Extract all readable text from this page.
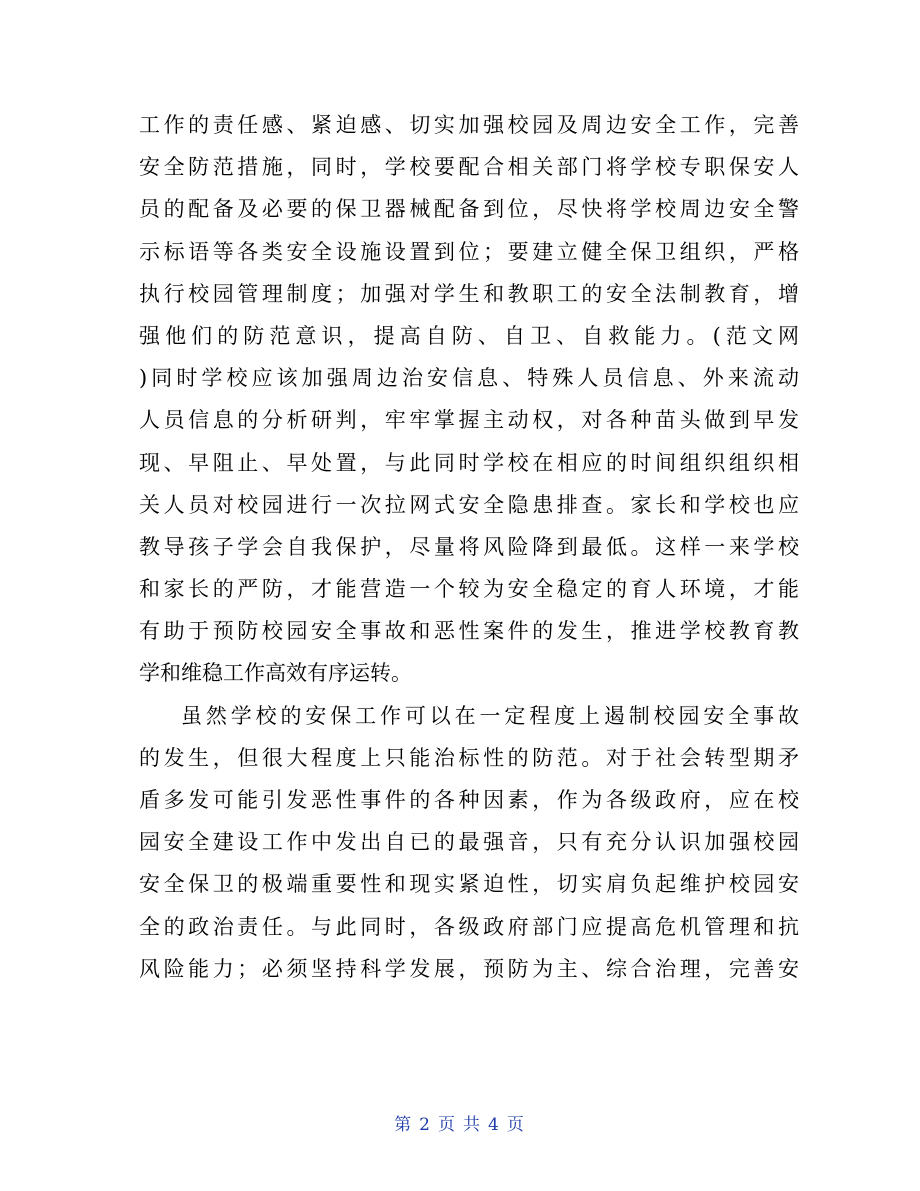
工作的责任感、紧迫感、切实加强校园及周边安全工作，完善
安全防范措施，同时，学校要配合相关部门将学校专职保安人
员的配备及必要的保卫器械配备到位，尽快将学校周边安全警
示标语等各类安全设施设置到位；要建立健全保卫组织，严格
执行校园管理制度；加强对学生和教职工的安全法制教育，增
强他们的防范意识，提高自防、自卫、自救能力。(范文网
)同时学校应该加强周边治安信息、特殊人员信息、外来流动
人员信息的分析研判，牢牢掌握主动权，对各种苗头做到早发
现、早阻止、早处置，与此同时学校在相应的时间组织组织相
关人员对校园进行一次拉网式安全隐患排查。家长和学校也应
教导孩子学会自我保护，尽量将风险降到最低。这样一来学校
和家长的严防，才能营造一个较为安全稳定的育人环境，才能
有助于预防校园安全事故和恶性案件的发生，推进学校教育教
学和维稳工作高效有序运转。
虽然学校的安保工作可以在一定程度上遏制校园安全事故
的发生，但很大程度上只能治标性的防范。对于社会转型期矛
盾多发可能引发恶性事件的各种因素，作为各级政府，应在校
园安全建设工作中发出自已的最强音，只有充分认识加强校园
安全保卫的极端重要性和现实紧迫性，切实肩负起维护校园安
全的政治责任。与此同时，各级政府部门应提高危机管理和抗
风险能力；必须坚持科学发展，预防为主、综合治理，完善安
第 2 页 共 4 页
